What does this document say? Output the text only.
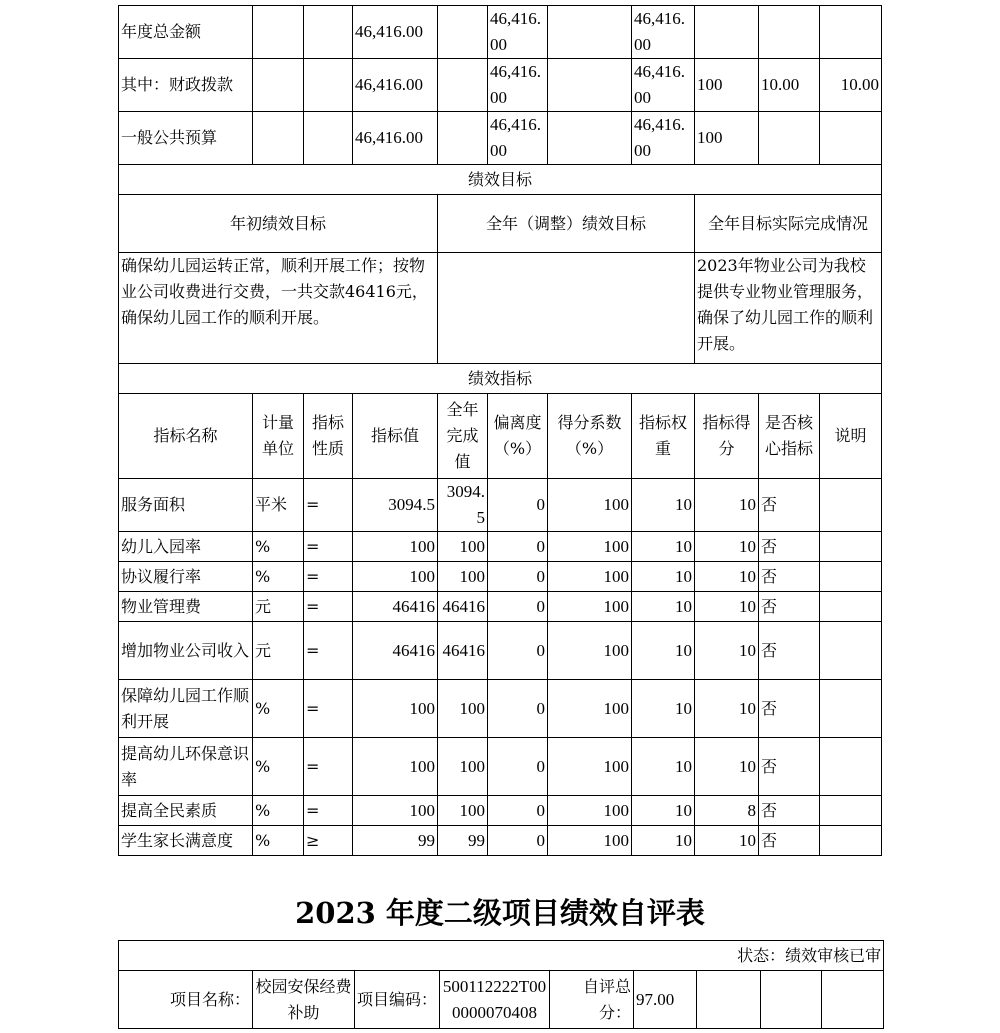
年度总金额			46,416.00		46,416.00		46,416.00			
其中：财政拨款			46,416.00		46,416.00		46,416.00	100	10.00	10.00
一般公共预算			46,416.00		46,416.00		46,416.00	100		
绩效目标										
年初绩效目标				全年（调整）绩效目标				全年目标实际完成情况		
确保幼儿园运转正常，顺利开展工作；按物业公司收费进行交费，一共交款46416元，确保幼儿园工作的顺利开展。								2023年物业公司为我校提供专业物业管理服务，确保了幼儿园工作的顺利开展。		
绩效指标										
指标名称	计量单位	指标性质	指标值	全年完成值	偏离度（%）	得分系数（%）	指标权重	指标得分	是否核心指标	说明
服务面积	平米	=	3094.5	3094.5	0	100	10	10	否	
幼儿入园率	%	=	100	100	0	100	10	10	否	
协议履行率	%	=	100	100	0	100	10	10	否	
物业管理费	元	=	46416	46416	0	100	10	10	否	
增加物业公司收入	元	=	46416	46416	0	100	10	10	否	
保障幼儿园工作顺利开展	%	=	100	100	0	100	10	10	否	
提高幼儿环保意识率	%	=	100	100	0	100	10	10	否	
提高全民素质	%	=	100	100	0	100	10	8	否	
学生家长满意度	%	≥	99	99	0	100	10	10	否	
2023 年度二级项目绩效自评表
状态：绩效审核已审
项目名称：	校园安保经费补助	项目编码：	500112222T000000070408	自评总分：	97.00			
